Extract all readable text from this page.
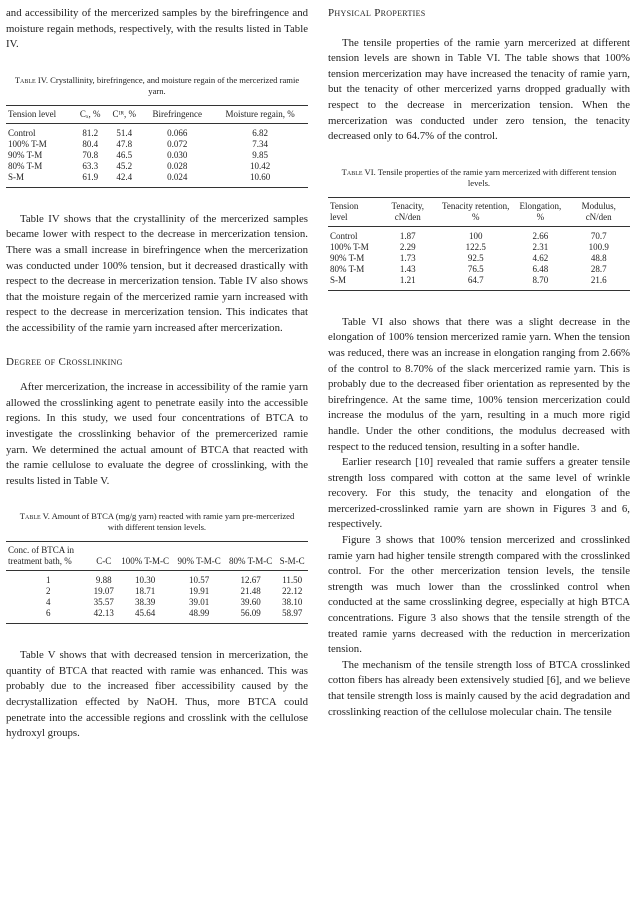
and accessibility of the mercerized samples by the birefringence and moisture regain methods, respectively, with the results listed in Table IV.

Table IV. Crystallinity, birefringence, and moisture regain of the mercerized ramie yarn.
Tension level	Cₓ, %	Cᴵᴿ, %	Birefringence	Moisture regain, %
Control	81.2	51.4	0.066	6.82
100% T-M	80.4	47.8	0.072	7.34
90% T-M	70.8	46.5	0.030	9.85
80% T-M	63.3	45.2	0.028	10.42
S-M	61.9	42.4	0.024	10.60

Table IV shows that the crystallinity of the mercerized samples became lower with respect to the decrease in mercerization tension. There was a small increase in birefringence when the mercerization was conducted under 100% tension, but it decreased drastically with respect to the decrease in mercerization tension. Table IV also shows that the moisture regain of the mercerized ramie yarn increased with respect to the decrease in mercerization tension. This indicates that the accessibility of the ramie yarn increased after mercerization.

Degree of Crosslinking

After mercerization, the increase in accessibility of the ramie yarn allowed the crosslinking agent to penetrate easily into the accessible regions. In this study, we used four concentrations of BTCA to investigate the crosslinking behavior of the premercerized ramie yarn. We determined the actual amount of BTCA that reacted with the ramie cellulose to evaluate the degree of crosslinking, with the results listed in Table V.

Table V. Amount of BTCA (mg/g yarn) reacted with ramie yarn pre-mercerized with different tension levels.
Conc. of BTCA in treatment bath, %	C-C	100% T-M-C	90% T-M-C	80% T-M-C	S-M-C
1	9.88	10.30	10.57	12.67	11.50
2	19.07	18.71	19.91	21.48	22.12
4	35.57	38.39	39.01	39.60	38.10
6	42.13	45.64	48.99	56.09	58.97

Table V shows that with decreased tension in mercerization, the quantity of BTCA that reacted with ramie was enhanced. This was probably due to the increased fiber accessibility caused by the decrystallization effected by NaOH. Thus, more BTCA could penetrate into the accessible regions and crosslink with the cellulose hydroxyl groups.

Physical Properties

The tensile properties of the ramie yarn mercerized at different tension levels are shown in Table VI. The table shows that 100% tension mercerization may have increased the tenacity of ramie yarn, but the tenacity of other mercerized yarns dropped gradually with respect to the decrease in mercerization tension. When the mercerization was conducted under zero tension, the tenacity decreased only to 64.7% of the control.

Table VI. Tensile properties of the ramie yarn mercerized with different tension levels.
Tension level	Tenacity, cN/den	Tenacity retention, %	Elongation, %	Modulus, cN/den
Control	1.87	100	2.66	70.7
100% T-M	2.29	122.5	2.31	100.9
90% T-M	1.73	92.5	4.62	48.8
80% T-M	1.43	76.5	6.48	28.7
S-M	1.21	64.7	8.70	21.6

Table VI also shows that there was a slight decrease in the elongation of 100% tension mercerized ramie yarn. When the tension was reduced, there was an increase in elongation ranging from 2.66% of the control to 8.70% of the slack mercerized ramie yarn. This is probably due to the decreased fiber orientation as represented by the birefringence. At the same time, 100% tension mercerization could increase the modulus of the yarn, resulting in a much more rigid handle. Under the other conditions, the modulus decreased with respect to the reduced tension, resulting in a softer handle.

Earlier research [10] revealed that ramie suffers a greater tensile strength loss compared with cotton at the same level of wrinkle recovery. For this study, the tenacity and elongation of the mercerized-crosslinked ramie yarn are shown in Figures 3 and 6, respectively.

Figure 3 shows that 100% tension mercerized and crosslinked ramie yarn had higher tensile strength compared with the crosslinked control. For the other mercerization tension levels, the tensile strength was much lower than the crosslinked control when conducted at the same crosslinking degree, especially at high BTCA concentrations. Figure 3 also shows that the tensile strength of the treated ramie yarns decreased with the reduction in mercerization tension.

The mechanism of the tensile strength loss of BTCA crosslinked cotton fibers has already been extensively studied [6], and we believe that tensile strength loss is mainly caused by the acid degradation and crosslinking reaction of the cellulose molecular chain. The tensile
